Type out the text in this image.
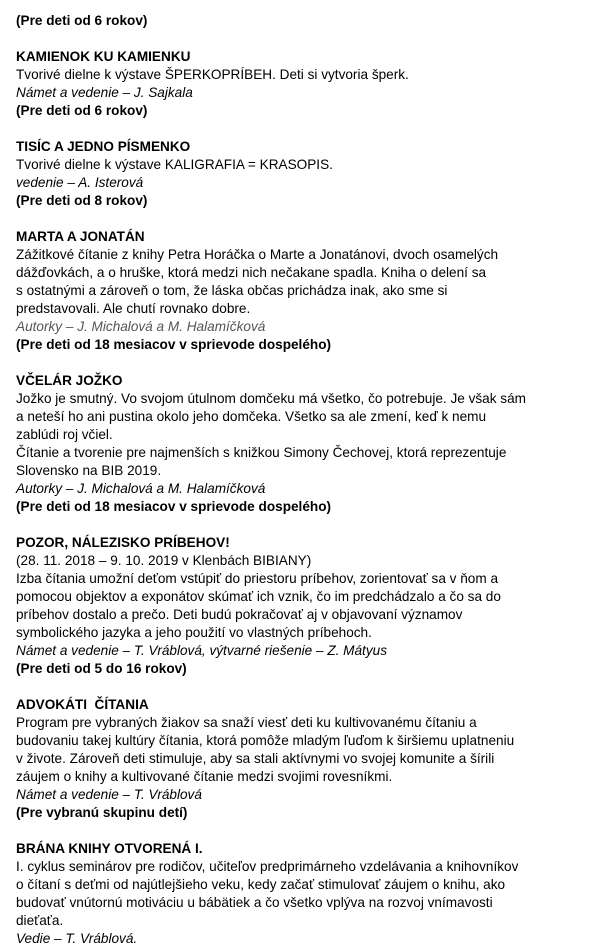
(Pre deti od 6 rokov)
KAMIENOK KU KAMIENKU
Tvorivé dielne k výstave ŠPERKOPRÍBEH. Deti si vytvoria šperk.
Námet a vedenie – J. Sajkala
(Pre deti od 6 rokov)
TISÍC A JEDNO PÍSMENKO
Tvorivé dielne k výstave KALIGRAFIA = KRASOPIS.
vedenie – A. Isterová
(Pre deti od 8 rokov)
MARTA A JONATÁN
Zážitkové čítanie z knihy Petra Horáčka o Marte a Jonatánovi, dvoch osamelých
dážďovkách, a o hruške, ktorá medzi nich nečakane spadla. Kniha o delení sa
s ostatnými a zároveň o tom, že láska občas prichádza inak, ako sme si
predstavovali. Ale chutí rovnako dobre.
Autorky – J. Michalová a M. Halamíčková
(Pre deti od 18 mesiacov v sprievode dospelého)
VČELÁR JOŽKO
Jožko je smutný. Vo svojom útulnom domčeku má všetko, čo potrebuje. Je však sám
a neteší ho ani pustina okolo jeho domčeka. Všetko sa ale zmení, keď k nemu
zablúdi roj včiel.
Čítanie a tvorenie pre najmenších s knižkou Simony Čechovej, ktorá reprezentuje
Slovensko na BIB 2019.
Autorky – J. Michalová a M. Halamíčková
(Pre deti od 18 mesiacov v sprievode dospelého)
POZOR, NÁLEZISKO PRÍBEHOV!
(28. 11. 2018 – 9. 10. 2019 v Klenbách BIBIANY)
Izba čítania umožní deťom vstúpiť do priestoru príbehov, zorientovať sa v ňom a
pomocou objektov a exponátov skúmať ich vznik, čo im predchádzalo a čo sa do
príbehov dostalo a prečo. Deti budú pokračovať aj v objavovaní významov
symbolického jazyka a jeho použití vo vlastných príbehoch.
Námet a vedenie – T. Vráblová, výtvarné riešenie – Z. Mátyus
(Pre deti od 5 do 16 rokov)
ADVOKÁTI  ČÍTANIA
Program pre vybraných žiakov sa snaží viesť deti ku kultivovanému čítaniu a
budovaniu takej kultúry čítania, ktorá pomôže mladým ľuďom k širšiemu uplatneniu
v živote. Zároveň deti stimuluje, aby sa stali aktívnymi vo svojej komunite a šírili
záujem o knihy a kultivované čítanie medzi svojimi rovesníkmi.
Námet a vedenie – T. Vráblová
(Pre vybranú skupinu detí)
BRÁNA KNIHY OTVORENÁ I.
I. cyklus seminárov pre rodičov, učiteľov predprimárneho vzdelávania a knihovníkov
o čítaní s deťmi od najútlejšieho veku, kedy začať stimulovať záujem o knihu, ako
budovať vnútornú motiváciu u bábätiek a čo všetko vplýva na rozvoj vnímavosti
dieťaťa.
Vedie – T. Vráblová.
